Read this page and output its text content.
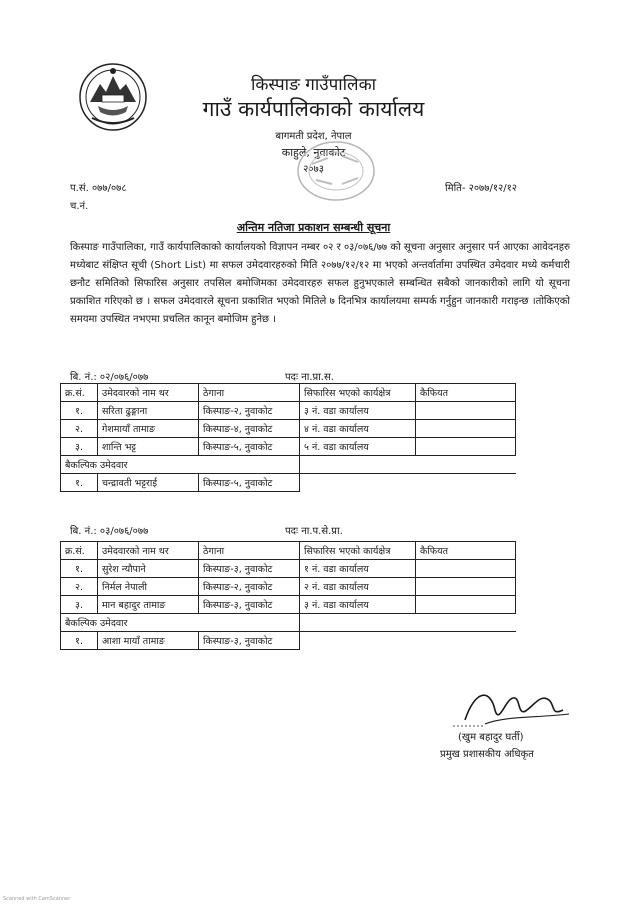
किस्पाङ गाउँपालिका
गाउँ कार्यपालिकाको कार्यालय
बागमती प्रदेश, नेपाल
काहुले, नुवाकोट
२०७३
प.सं. ०७७/०७८
च.नं.
मिति- २०७७/१२/१२
अन्तिम नतिजा प्रकाशन सम्बन्धी सूचना
किस्पाङ गाउँपालिका, गाउँ कार्यपालिकाको कार्यालयको विज्ञापन नम्बर ०२ र ०३/०७६/७७ को सूचना अनुसार अनुसार पर्न आएका आवेदनहरु मध्येबाट संक्षिप्त सूची (Short List) मा सफल उमेदवारहरुको मिति २०७७/१२/१२ मा भएको अन्तर्वार्तामा उपस्थित उमेदवार मध्ये कर्मचारी छनौट समितिको सिफारिस अनुसार तपसिल बमोजिमका उमेदवारहरु सफल हुनुभएकाले सम्बन्धित सबैको जानकारीको लागि यो सूचना प्रकाशित गरिएको छ । सफल उमेदवारले सूचना प्रकाशित भएको मितिले ७ दिनभित्र कार्यालयमा सम्पर्क गर्नुहुन जानकारी गराइन्छ ।तोकिएको समयमा उपस्थित नभएमा प्रचलित कानून बमोजिम हुनेछ ।
बि. नं.: ०२/०७६/०७७	पदः ना.प्रा.स.
क्र.सं.	उमेदवारको नाम थर	ठेगाना	सिफारिस भएको कार्यक्षेत्र	कैफियत
१.	सरिता ढुङ्गाना	किस्पाङ-२, नुवाकोट	३ नं. वडा कार्यालय	
२.	गेशमायाँ तामाङ	किस्पाङ-४, नुवाकोट	४ नं. वडा कार्यालय	
३.	शान्ति भट्ट	किस्पाङ-५, नुवाकोट	५ नं. वडा कार्यालय	
बैकल्पिक उमेदवार				
१.	चन्द्रावती भट्टराई	किस्पाङ-५, नुवाकोट		
बि. नं.: ०३/०७६/०७७	पदः ना.प.से.प्रा.
क्र.सं.	उमेदवारको नाम थर	ठेगाना	सिफारिस भएको कार्यक्षेत्र	कैफियत
१.	सुरेश न्यौपाने	किस्पाङ-३, नुवाकोट	१ नं. वडा कार्यालय	
२.	निर्मल नेपाली	किस्पाङ-२, नुवाकोट	२ नं. वडा कार्यालय	
३.	मान बहादुर तामाङ	किस्पाङ-३, नुवाकोट	३ नं. वडा कार्यालय	
बैकल्पिक उमेदवार				
१.	आशा मायाँ तामाङ	किस्पाङ-३, नुवाकोट		
(खुम बहादुर घर्ती)
प्रमुख प्रशासकीय अधिकृत
Scanned with CamScanner
